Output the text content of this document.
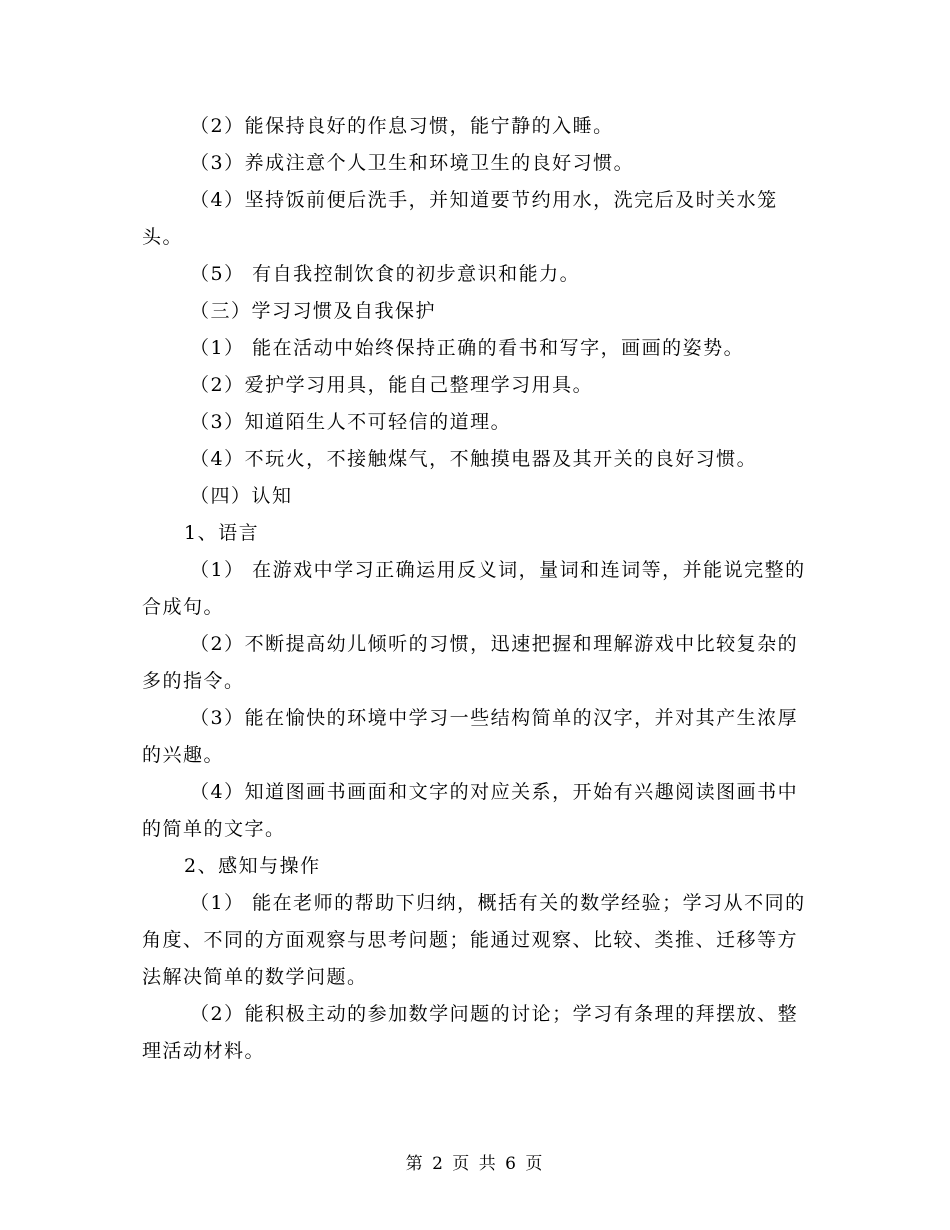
（2）能保持良好的作息习惯，能宁静的入睡。

（3）养成注意个人卫生和环境卫生的良好习惯。

（4）坚持饭前便后洗手，并知道要节约用水，洗完后及时关水笼头。

（5） 有自我控制饮食的初步意识和能力。

（三）学习习惯及自我保护

（1） 能在活动中始终保持正确的看书和写字，画画的姿势。

（2）爱护学习用具，能自己整理学习用具。

（3）知道陌生人不可轻信的道理。

（4）不玩火，不接触煤气，不触摸电器及其开关的良好习惯。

（四）认知

1、语言

（1） 在游戏中学习正确运用反义词，量词和连词等，并能说完整的合成句。

（2）不断提高幼儿倾听的习惯，迅速把握和理解游戏中比较复杂的多的指令。

（3）能在愉快的环境中学习一些结构简单的汉字，并对其产生浓厚的兴趣。

（4）知道图画书画面和文字的对应关系，开始有兴趣阅读图画书中的简单的文字。

2、感知与操作

（1） 能在老师的帮助下归纳，概括有关的数学经验；学习从不同的角度、不同的方面观察与思考问题；能通过观察、比较、类推、迁移等方法解决简单的数学问题。

（2）能积极主动的参加数学问题的讨论；学习有条理的拜摆放、整理活动材料。

第 2 页 共 6 页
